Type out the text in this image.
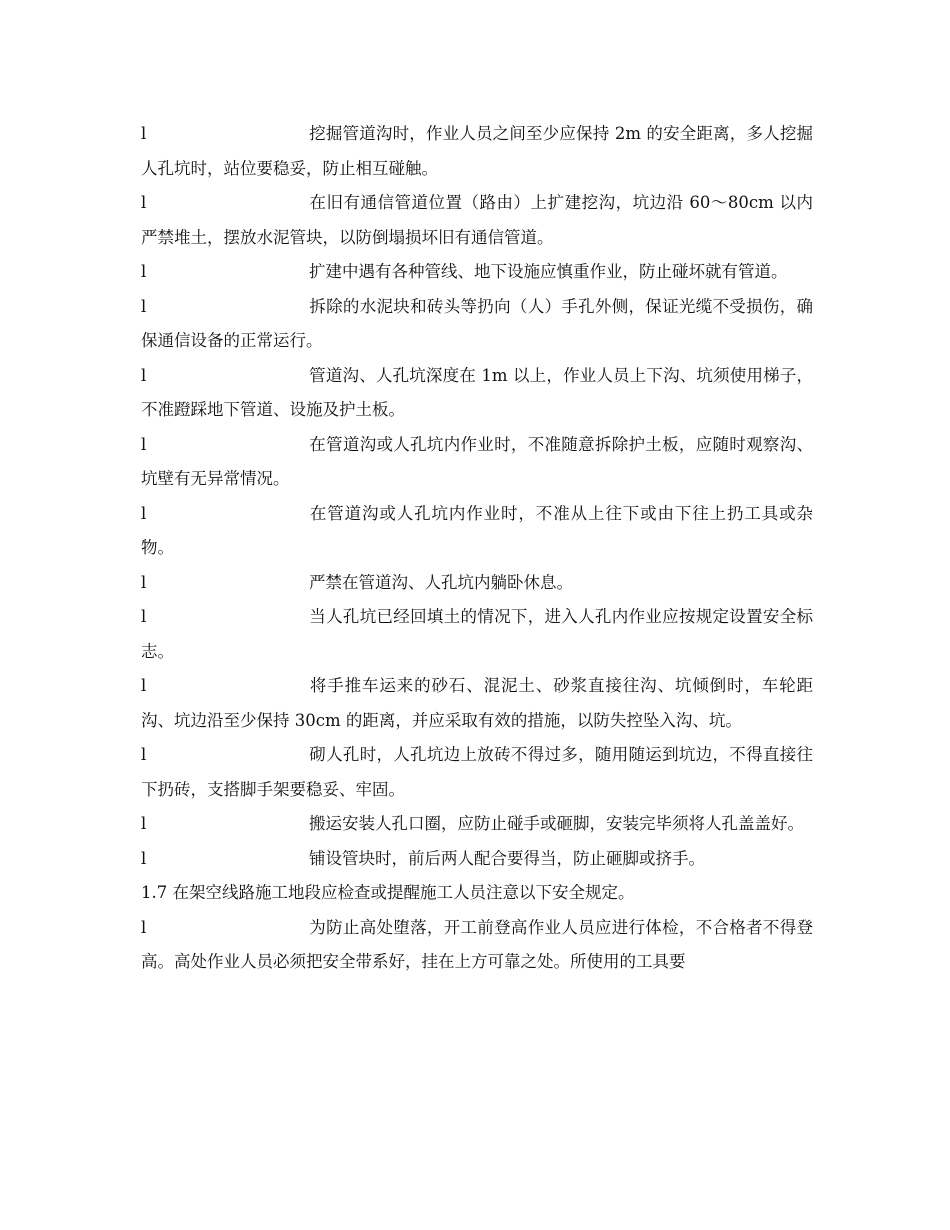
l	挖掘管道沟时，作业人员之间至少应保持 2m 的安全距离，多人挖掘人孔坑时，站位要稳妥，防止相互碰触。

l	在旧有通信管道位置（路由）上扩建挖沟，坑边沿 60～80cm 以内严禁堆土，摆放水泥管块，以防倒塌损坏旧有通信管道。

l	扩建中遇有各种管线、地下设施应慎重作业，防止碰坏就有管道。

l	拆除的水泥块和砖头等扔向（人）手孔外侧，保证光缆不受损伤，确保通信设备的正常运行。

l	管道沟、人孔坑深度在 1m 以上，作业人员上下沟、坑须使用梯子，不准蹬踩地下管道、设施及护土板。

l	在管道沟或人孔坑内作业时，不准随意拆除护土板，应随时观察沟、坑壁有无异常情况。

l	在管道沟或人孔坑内作业时，不准从上往下或由下往上扔工具或杂物。

l	严禁在管道沟、人孔坑内躺卧休息。

l	当人孔坑已经回填土的情况下，进入人孔内作业应按规定设置安全标志。

l	将手推车运来的砂石、混泥土、砂浆直接往沟、坑倾倒时，车轮距沟、坑边沿至少保持 30cm 的距离，并应采取有效的措施，以防失控坠入沟、坑。

l	砌人孔时，人孔坑边上放砖不得过多，随用随运到坑边，不得直接往下扔砖，支搭脚手架要稳妥、牢固。

l	搬运安装人孔口圈，应防止碰手或砸脚，安装完毕须将人孔盖盖好。

l	铺设管块时，前后两人配合要得当，防止砸脚或挤手。

1.7 在架空线路施工地段应检查或提醒施工人员注意以下安全规定。

l	为防止高处堕落，开工前登高作业人员应进行体检，不合格者不得登高。高处作业人员必须把安全带系好，挂在上方可靠之处。所使用的工具要
